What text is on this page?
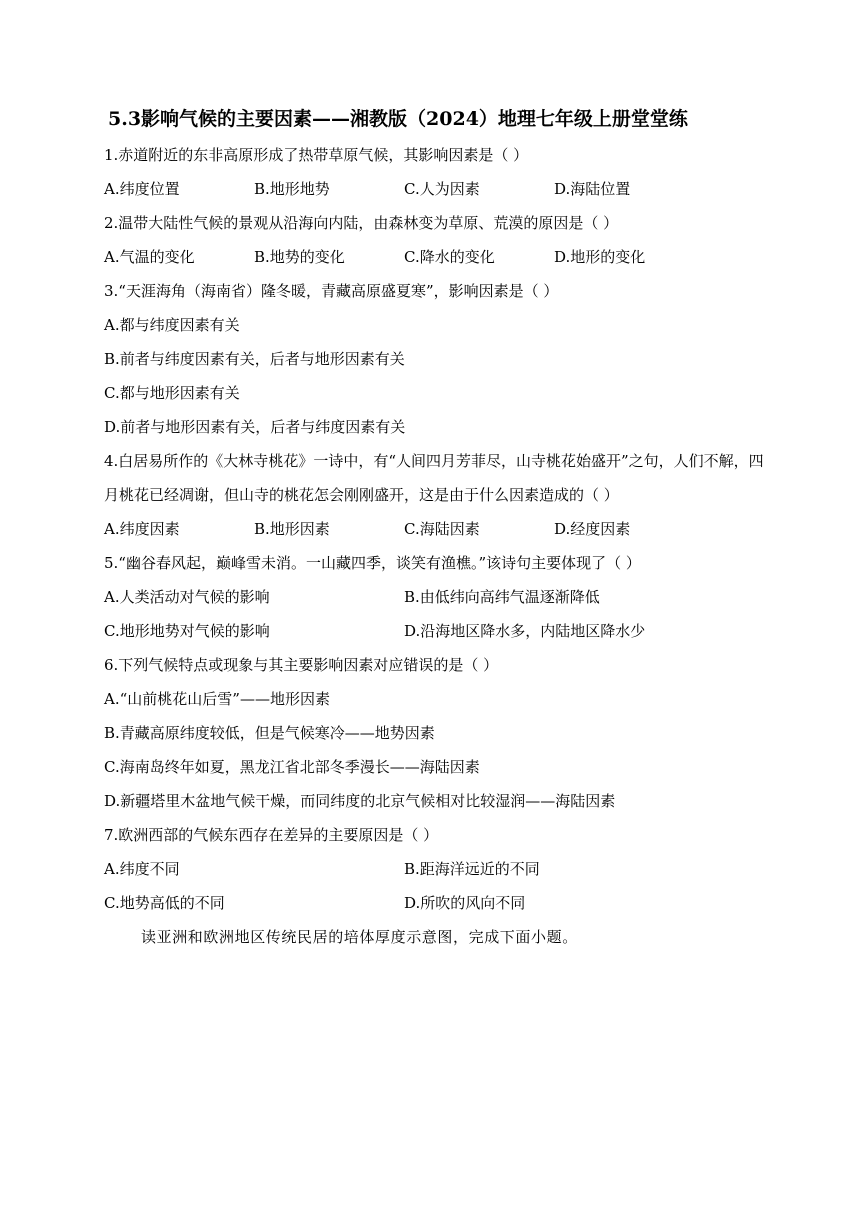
5.3影响气候的主要因素——湘教版（2024）地理七年级上册堂堂练
1.赤道附近的东非高原形成了热带草原气候，其影响因素是（ ）
A.纬度位置	B.地形地势	C.人为因素	D.海陆位置
2.温带大陆性气候的景观从沿海向内陆，由森林变为草原、荒漠的原因是（ ）
A.气温的变化	B.地势的变化	C.降水的变化	D.地形的变化
3.“天涯海角（海南省）隆冬暖，青藏高原盛夏寒”，影响因素是（ ）
A.都与纬度因素有关
B.前者与纬度因素有关，后者与地形因素有关
C.都与地形因素有关
D.前者与地形因素有关，后者与纬度因素有关
4.白居易所作的《大林寺桃花》一诗中，有“人间四月芳菲尽，山寺桃花始盛开”之句，人们不解，四月桃花已经凋谢，但山寺的桃花怎会刚刚盛开，这是由于什么因素造成的（ ）
A.纬度因素	B.地形因素	C.海陆因素	D.经度因素
5.“幽谷春风起，巅峰雪未消。一山藏四季，谈笑有渔樵。”该诗句主要体现了（ ）
A.人类活动对气候的影响	B.由低纬向高纬气温逐渐降低
C.地形地势对气候的影响	D.沿海地区降水多，内陆地区降水少
6.下列气候特点或现象与其主要影响因素对应错误的是（ ）
A.“山前桃花山后雪”——地形因素
B.青藏高原纬度较低，但是气候寒冷——地势因素
C.海南岛终年如夏，黑龙江省北部冬季漫长——海陆因素
D.新疆塔里木盆地气候干燥，而同纬度的北京气候相对比较湿润——海陆因素
7.欧洲西部的气候东西存在差异的主要原因是（ ）
A.纬度不同	B.距海洋远近的不同
C.地势高低的不同	D.所吹的风向不同
读亚洲和欧洲地区传统民居的培体厚度示意图，完成下面小题。
